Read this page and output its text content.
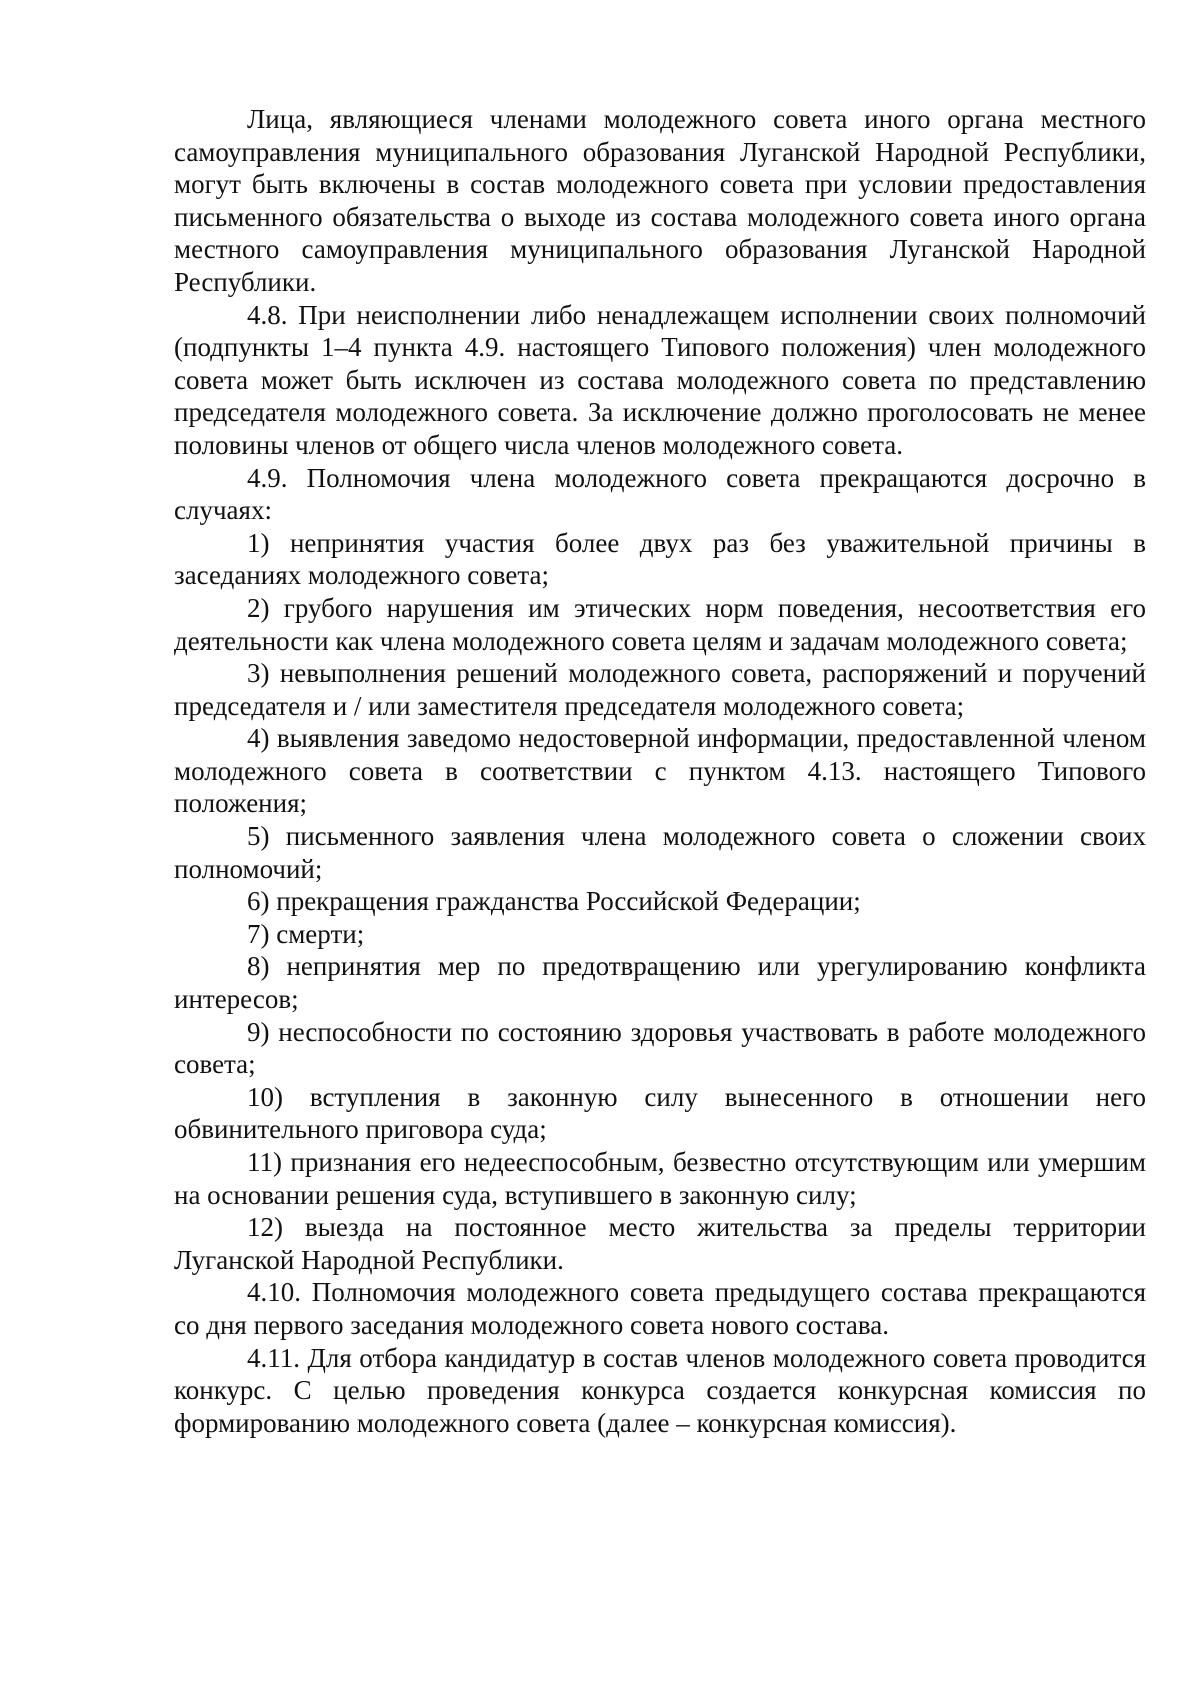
Лица, являющиеся членами молодежного совета иного органа местного самоуправления муниципального образования Луганской Народной Республики, могут быть включены в состав молодежного совета при условии предоставления письменного обязательства о выходе из состава молодежного совета иного органа местного самоуправления муниципального образования Луганской Народной Республики.

4.8. При неисполнении либо ненадлежащем исполнении своих полномочий (подпункты 1–4 пункта 4.9. настоящего Типового положения) член молодежного совета может быть исключен из состава молодежного совета по представлению председателя молодежного совета. За исключение должно проголосовать не менее половины членов от общего числа членов молодежного совета.

4.9. Полномочия члена молодежного совета прекращаются досрочно в случаях:

1) непринятия участия более двух раз без уважительной причины в заседаниях молодежного совета;

2) грубого нарушения им этических норм поведения, несоответствия его деятельности как члена молодежного совета целям и задачам молодежного совета;

3) невыполнения решений молодежного совета, распоряжений и поручений председателя и / или заместителя председателя молодежного совета;

4) выявления заведомо недостоверной информации, предоставленной членом молодежного совета в соответствии с пунктом 4.13. настоящего Типового положения;

5) письменного заявления члена молодежного совета о сложении своих полномочий;

6) прекращения гражданства Российской Федерации;

7) смерти;

8) непринятия мер по предотвращению или урегулированию конфликта интересов;

9) неспособности по состоянию здоровья участвовать в работе молодежного совета;

10) вступления в законную силу вынесенного в отношении него обвинительного приговора суда;

11) признания его недееспособным, безвестно отсутствующим или умершим на основании решения суда, вступившего в законную силу;

12) выезда на постоянное место жительства за пределы территории Луганской Народной Республики.

4.10. Полномочия молодежного совета предыдущего состава прекращаются со дня первого заседания молодежного совета нового состава.

4.11. Для отбора кандидатур в состав членов молодежного совета проводится конкурс. С целью проведения конкурса создается конкурсная комиссия по формированию молодежного совета (далее – конкурсная комиссия).
